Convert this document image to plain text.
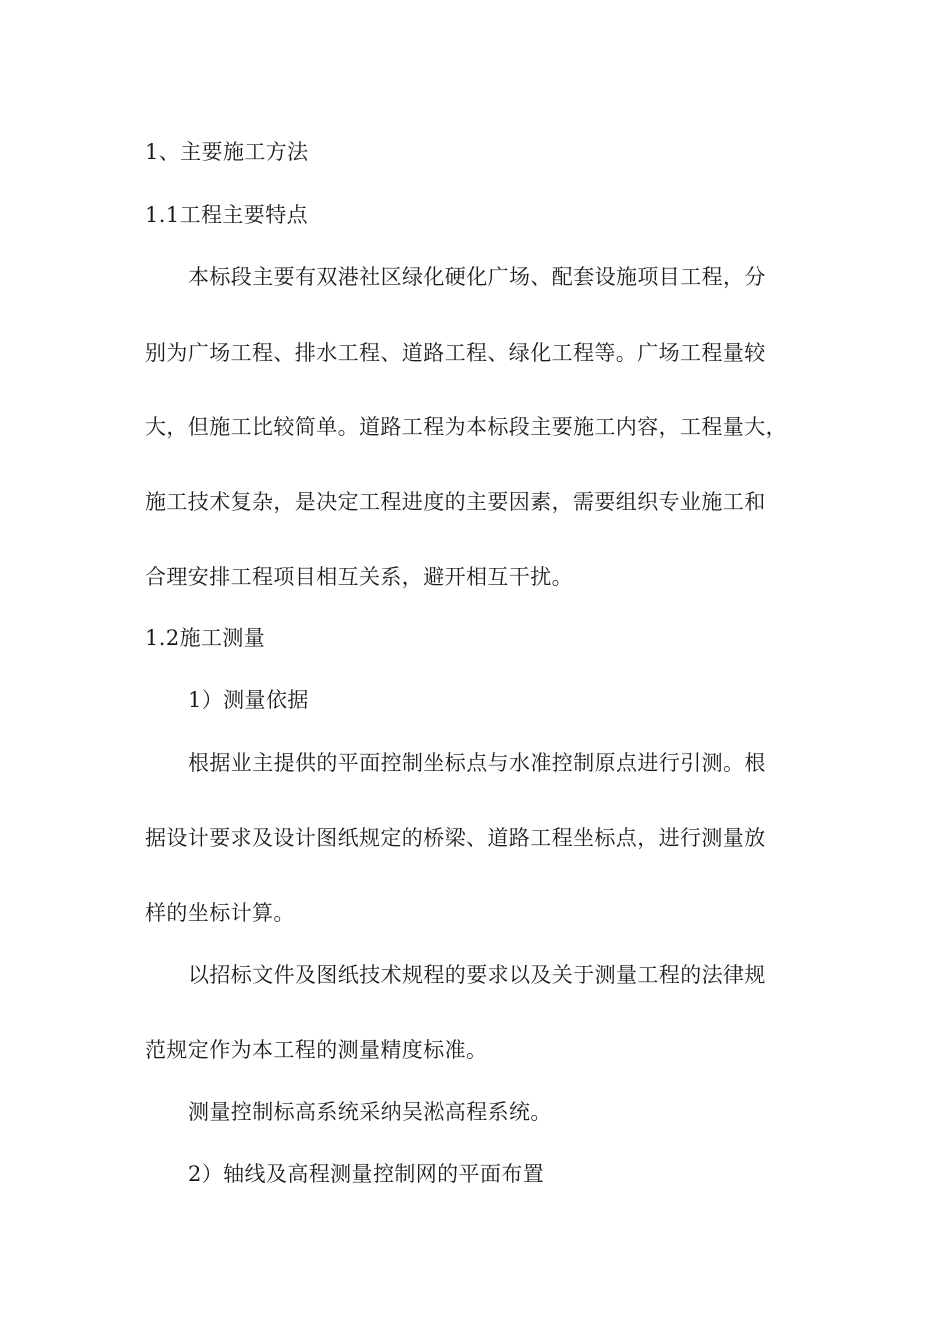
1、主要施工方法
1.1工程主要特点
本标段主要有双港社区绿化硬化广场、配套设施项目工程，分
别为广场工程、排水工程、道路工程、绿化工程等。广场工程量较
大，但施工比较简单。道路工程为本标段主要施工内容，工程量大，
施工技术复杂，是决定工程进度的主要因素，需要组织专业施工和
合理安排工程项目相互关系，避开相互干扰。
1.2施工测量
1）测量依据
根据业主提供的平面控制坐标点与水准控制原点进行引测。根
据设计要求及设计图纸规定的桥梁、道路工程坐标点，进行测量放
样的坐标计算。
以招标文件及图纸技术规程的要求以及关于测量工程的法律规
范规定作为本工程的测量精度标准。
测量控制标高系统采纳吴淞高程系统。
2）轴线及高程测量控制网的平面布置
